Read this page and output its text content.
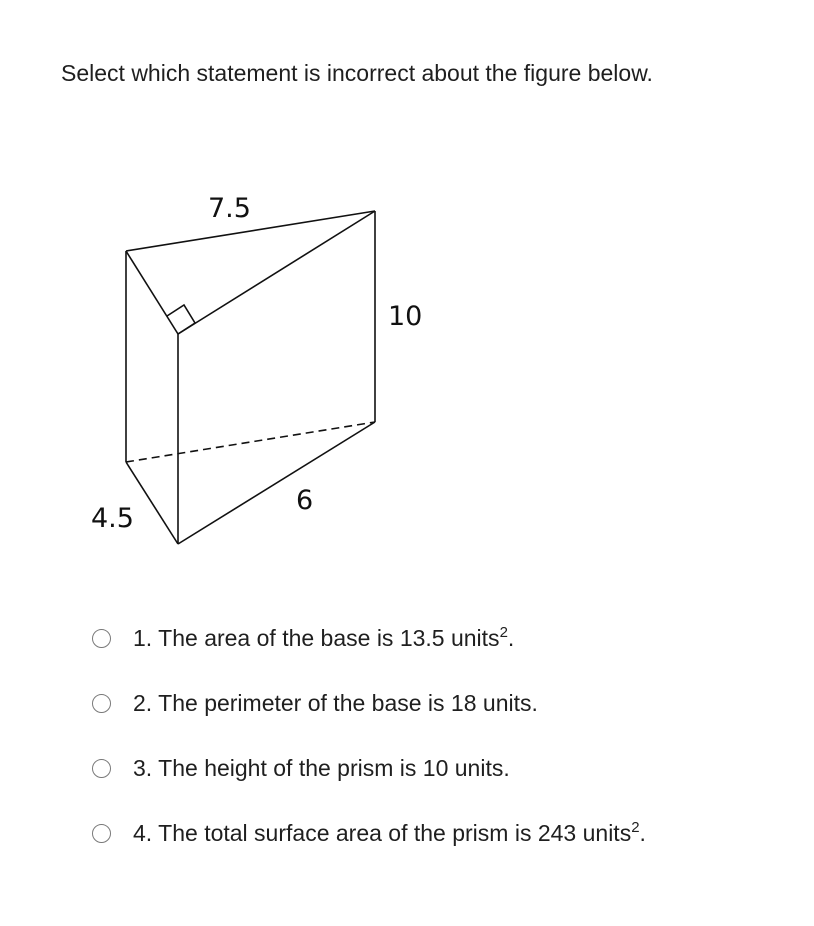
Select which statement is incorrect about the figure below.

7.5
10
6
4.5
1. The area of the base is 13.5 units$^2$.
2. The perimeter of the base is 18 units.
3. The height of the prism is 10 units.
4. The total surface area of the prism is 243 units$^2$.
